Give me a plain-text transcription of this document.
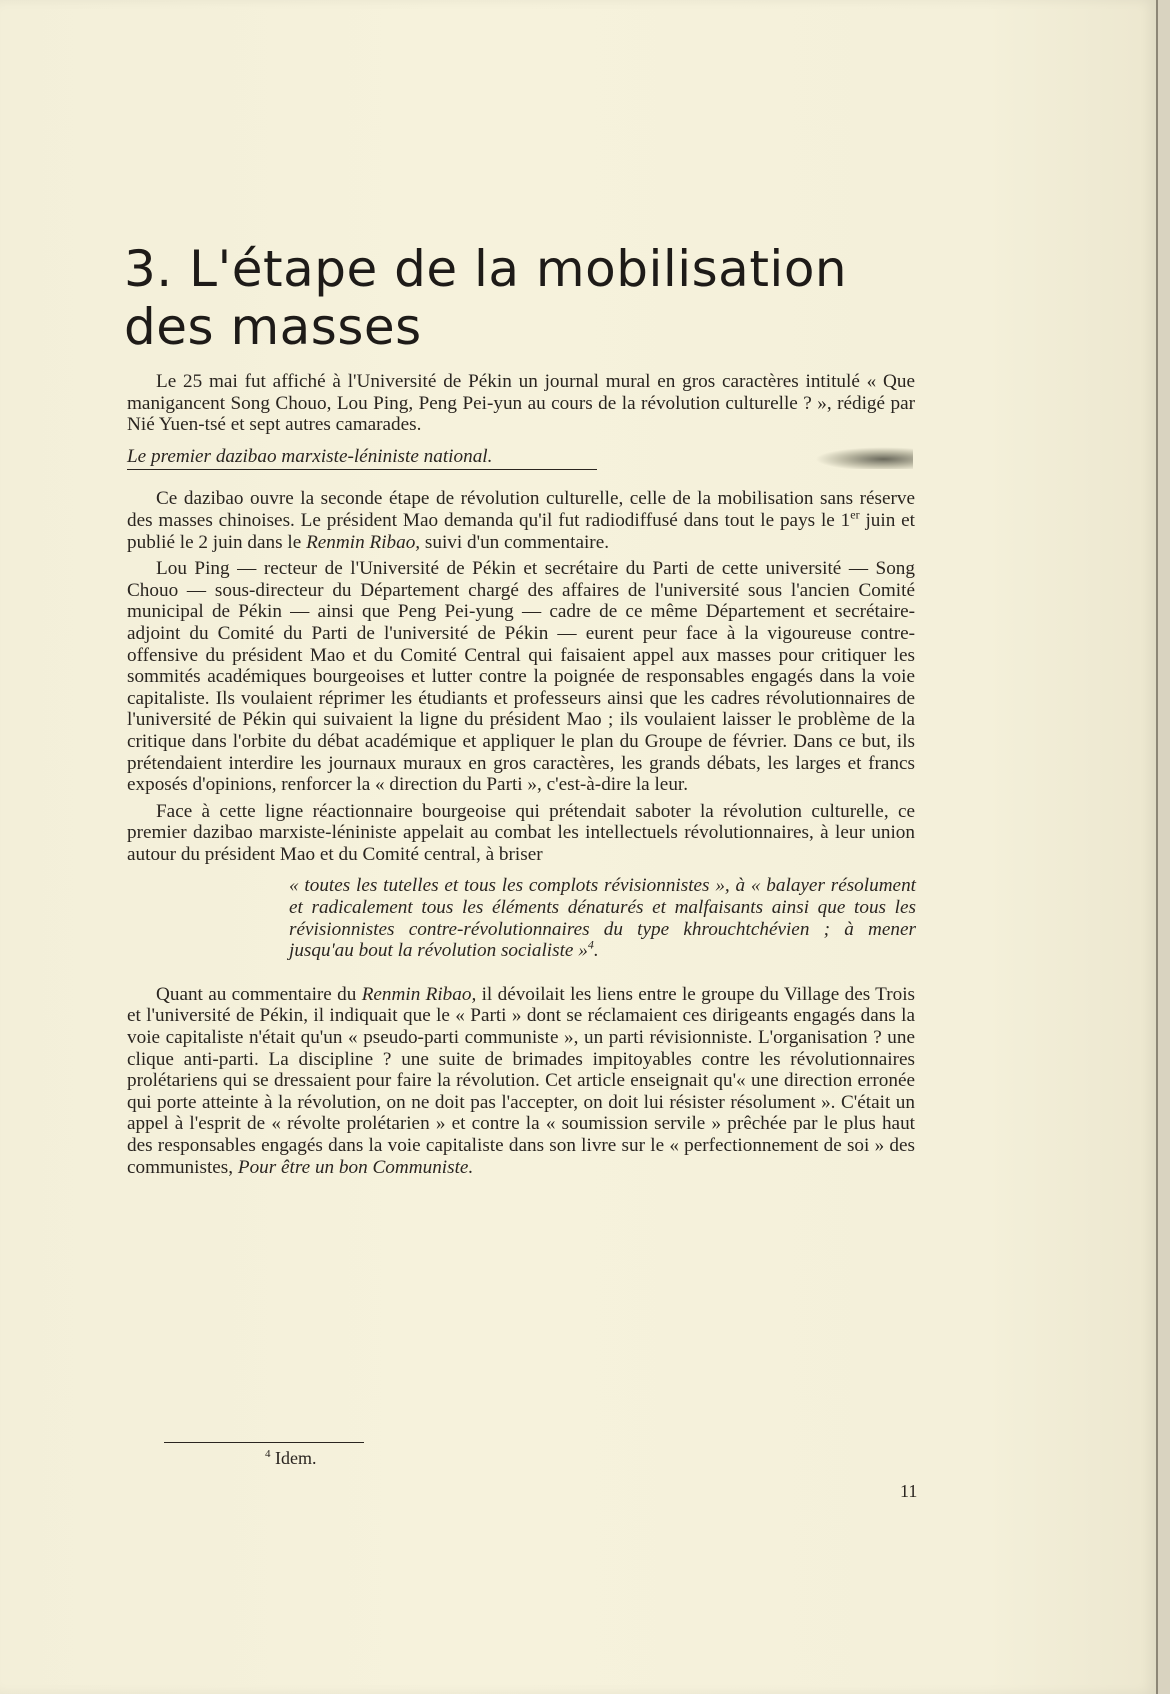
3. L'étape de la mobilisation
des masses

Le 25 mai fut affiché à l'Université de Pékin un journal mural en gros caractères intitulé « Que manigancent Song Chouo, Lou Ping, Peng Pei-yun au cours de la révolution culturelle ? », rédigé par Nié Yuen-tsé et sept autres camarades.

Le premier dazibao marxiste-léniniste national.

Ce dazibao ouvre la seconde étape de révolution culturelle, celle de la mobilisation sans réserve des masses chinoises. Le président Mao demanda qu'il fut radiodiffusé dans tout le pays le 1er juin et publié le 2 juin dans le Renmin Ribao, suivi d'un commentaire.

Lou Ping — recteur de l'Université de Pékin et secrétaire du Parti de cette université — Song Chouo — sous-directeur du Département chargé des affaires de l'université sous l'ancien Comité municipal de Pékin — ainsi que Peng Pei-yung — cadre de ce même Département et secrétaire-adjoint du Comité du Parti de l'université de Pékin — eurent peur face à la vigoureuse contre-offensive du président Mao et du Comité Central qui faisaient appel aux masses pour critiquer les sommités académiques bourgeoises et lutter contre la poignée de responsables engagés dans la voie capitaliste. Ils voulaient réprimer les étudiants et professeurs ainsi que les cadres révolutionnaires de l'université de Pékin qui suivaient la ligne du président Mao ; ils voulaient laisser le problème de la critique dans l'orbite du débat académique et appliquer le plan du Groupe de février. Dans ce but, ils prétendaient interdire les journaux muraux en gros caractères, les grands débats, les larges et francs exposés d'opinions, renforcer la « direction du Parti », c'est-à-dire la leur.

Face à cette ligne réactionnaire bourgeoise qui prétendait saboter la révolution culturelle, ce premier dazibao marxiste-léniniste appelait au combat les intellectuels révolutionnaires, à leur union autour du président Mao et du Comité central, à briser

« toutes les tutelles et tous les complots révisionnistes », à « balayer résolument et radicalement tous les éléments dénaturés et malfaisants ainsi que tous les révisionnistes contre-révolutionnaires du type khrouchtchévien ; à mener jusqu'au bout la révolution socialiste »$^4$.

Quant au commentaire du Renmin Ribao, il dévoilait les liens entre le groupe du Village des Trois et l'université de Pékin, il indiquait que le « Parti » dont se réclamaient ces dirigeants engagés dans la voie capitaliste n'était qu'un « pseudo-parti communiste », un parti révisionniste. L'organisation ? une clique anti-parti. La discipline ? une suite de brimades impitoyables contre les révolutionnaires prolétariens qui se dressaient pour faire la révolution. Cet article enseignait qu'« une direction erronée qui porte atteinte à la révolution, on ne doit pas l'accepter, on doit lui résister résolument ». C'était un appel à l'esprit de « révolte prolétarien » et contre la « soumission servile » prêchée par le plus haut des responsables engagés dans la voie capitaliste dans son livre sur le « perfectionnement de soi » des communistes, Pour être un bon Communiste.

$^4$ Idem.
11
